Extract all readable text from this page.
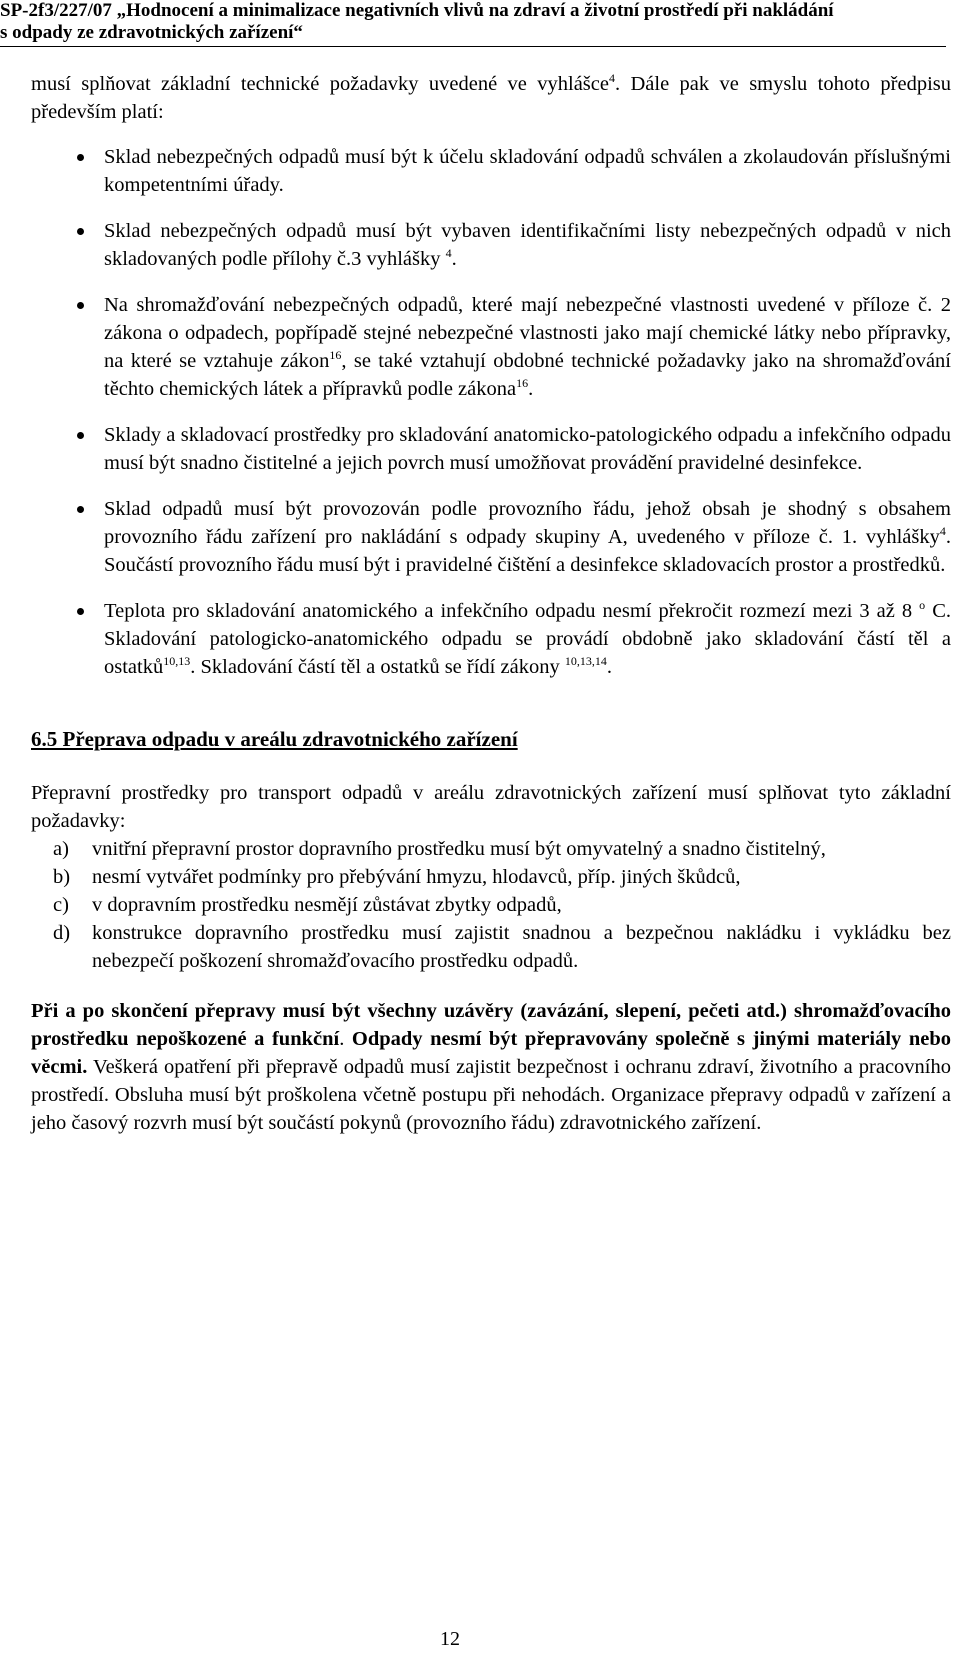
SP-2f3/227/07 „Hodnocení a minimalizace negativních vlivů na zdraví a životní prostředí při nakládání
s odpady ze zdravotnických zařízení“

musí splňovat základní technické požadavky uvedené ve vyhlášce$^4$. Dále pak ve smyslu tohoto předpisu především platí:

Sklad nebezpečných odpadů musí být k účelu skladování odpadů schválen a zkolaudován příslušnými kompetentními úřady.
Sklad nebezpečných odpadů musí být vybaven identifikačními listy nebezpečných odpadů v nich skladovaných podle přílohy č.3 vyhlášky $^4$.
Na shromažďování nebezpečných odpadů, které mají nebezpečné vlastnosti uvedené v příloze č. 2 zákona o odpadech, popřípadě stejné nebezpečné vlastnosti jako mají chemické látky nebo přípravky, na které se vztahuje zákon$^{16}$, se také vztahují obdobné technické požadavky jako na shromažďování těchto chemických látek a přípravků podle zákona$^{16}$.
Sklady a skladovací prostředky pro skladování anatomicko-patologického odpadu a infekčního odpadu musí být snadno čistitelné a jejich povrch musí umožňovat provádění pravidelné desinfekce.
Sklad odpadů musí být provozován podle provozního řádu, jehož obsah je shodný s obsahem provozního řádu zařízení pro nakládání s odpady skupiny A, uvedeného v příloze č. 1. vyhlášky$^4$. Součástí provozního řádu musí být i pravidelné čištění a desinfekce skladovacích prostor a prostředků.
Teplota pro skladování anatomického a infekčního odpadu nesmí překročit rozmezí mezi 3 až 8 $^o$ C. Skladování patologicko-anatomického odpadu se provádí obdobně jako skladování částí těl a ostatků$^{10,13}$. Skladování částí těl a ostatků se řídí zákony $^{10,13,14}$.
6.5 Přeprava odpadu v areálu zdravotnického zařízení

Přepravní prostředky pro transport odpadů v areálu zdravotnických zařízení musí splňovat tyto základní požadavky:

a) vnitřní přepravní prostor dopravního prostředku musí být omyvatelný a snadno čistitelný,
b) nesmí vytvářet podmínky pro přebývání hmyzu, hlodavců, příp. jiných škůdců,
c) v dopravním prostředku nesmějí zůstávat zbytky odpadů,
d) konstrukce dopravního prostředku musí zajistit snadnou a bezpečnou nakládku i vykládku bez nebezpečí poškození shromažďovacího prostředku odpadů.

Při a po skončení přepravy musí být všechny uzávěry (zavázání, slepení, pečeti atd.) shromažďovacího prostředku nepoškozené a funkční. Odpady nesmí být přepravovány společně s jinými materiály nebo věcmi. Veškerá opatření při přepravě odpadů musí zajistit bezpečnost i ochranu zdraví, životního a pracovního prostředí. Obsluha musí být proškolena včetně postupu při nehodách. Organizace přepravy odpadů v zařízení a jeho časový rozvrh musí být součástí pokynů (provozního řádu) zdravotnického zařízení.

12
